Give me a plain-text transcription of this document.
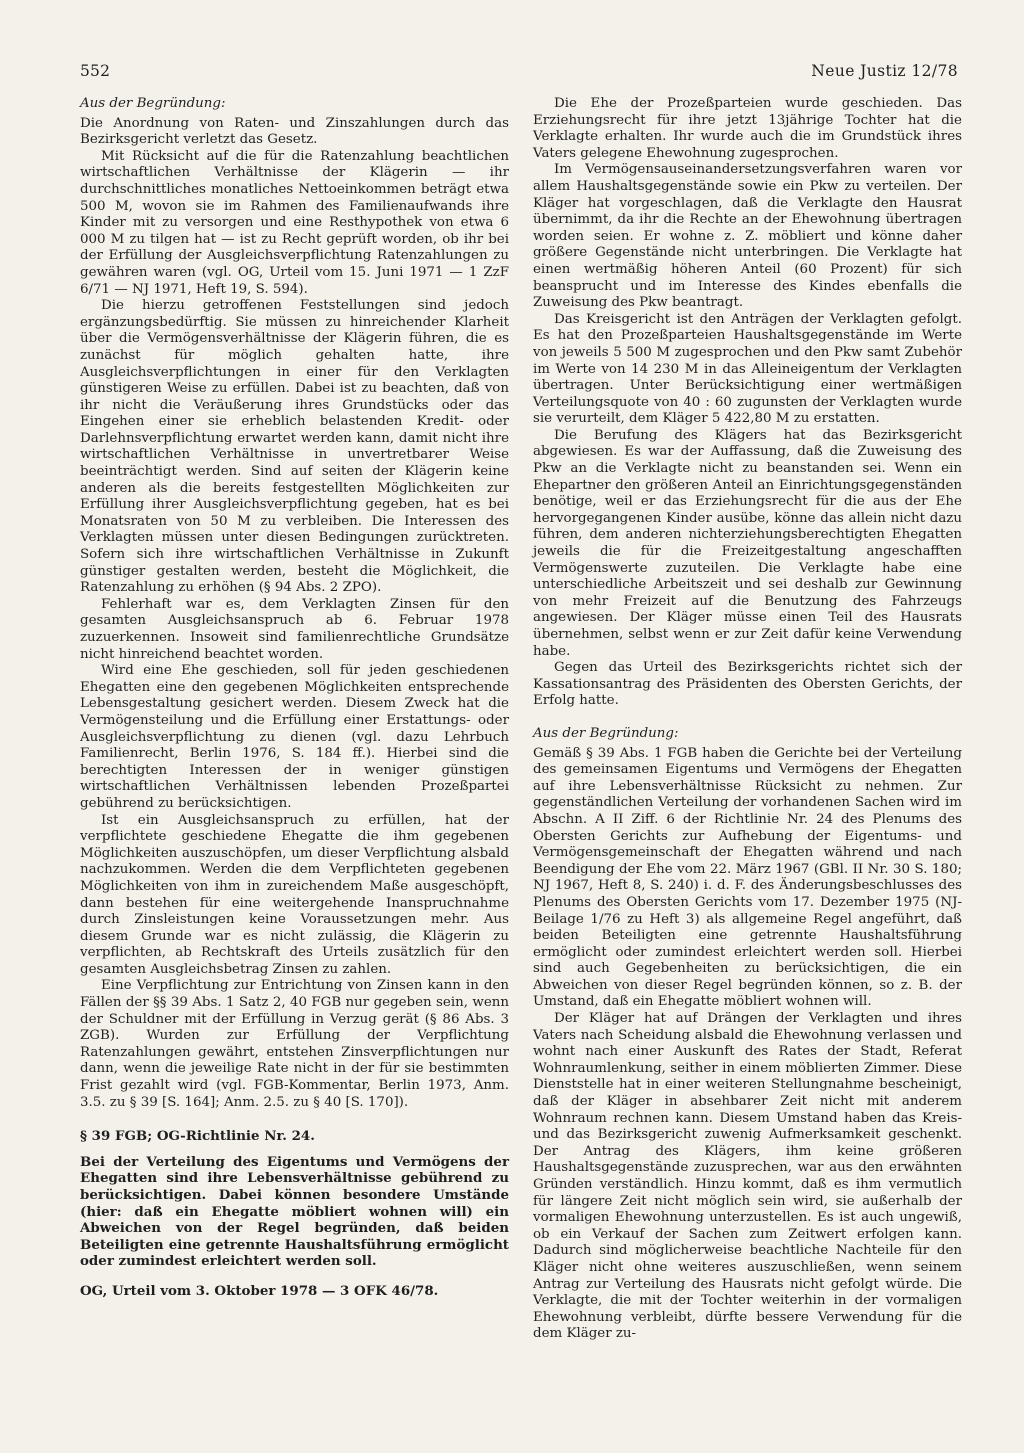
552	Neue Justiz 12/78
Aus der Begründung:

Die Anordnung von Raten- und Zinszahlungen durch das Bezirksgericht verletzt das Gesetz.

Mit Rücksicht auf die für die Ratenzahlung beachtlichen wirtschaftlichen Verhältnisse der Klägerin — ihr durchschnittliches monatliches Nettoeinkommen beträgt etwa 500 M, wovon sie im Rahmen des Familienaufwands ihre Kinder mit zu versorgen und eine Resthypothek von etwa 6 000 M zu tilgen hat — ist zu Recht geprüft worden, ob ihr bei der Erfüllung der Ausgleichsverpflichtung Ratenzahlungen zu gewähren waren (vgl. OG, Urteil vom 15. Juni 1971 — 1 ZzF 6/71 — NJ 1971, Heft 19, S. 594).

Die hierzu getroffenen Feststellungen sind jedoch ergänzungsbedürftig. Sie müssen zu hinreichender Klarheit über die Vermögensverhältnisse der Klägerin führen, die es zunächst für möglich gehalten hatte, ihre Ausgleichsverpflichtungen in einer für den Verklagten günstigeren Weise zu erfüllen. Dabei ist zu beachten, daß von ihr nicht die Veräußerung ihres Grundstücks oder das Eingehen einer sie erheblich belastenden Kredit- oder Darlehnsverpflichtung erwartet werden kann, damit nicht ihre wirtschaftlichen Verhältnisse in unvertretbarer Weise beeinträchtigt werden. Sind auf seiten der Klägerin keine anderen als die bereits festgestellten Möglichkeiten zur Erfüllung ihrer Ausgleichsverpflichtung gegeben, hat es bei Monatsraten von 50 M zu verbleiben. Die Interessen des Verklagten müssen unter diesen Bedingungen zurücktreten. Sofern sich ihre wirtschaftlichen Verhältnisse in Zukunft günstiger gestalten werden, besteht die Möglichkeit, die Ratenzahlung zu erhöhen (§ 94 Abs. 2 ZPO).

Fehlerhaft war es, dem Verklagten Zinsen für den gesamten Ausgleichsanspruch ab 6. Februar 1978 zuzuerkennen. Insoweit sind familienrechtliche Grundsätze nicht hinreichend beachtet worden.

Wird eine Ehe geschieden, soll für jeden geschiedenen Ehegatten eine den gegebenen Möglichkeiten entsprechende Lebensgestaltung gesichert werden. Diesem Zweck hat die Vermögensteilung und die Erfüllung einer Erstattungs- oder Ausgleichsverpflichtung zu dienen (vgl. dazu Lehrbuch Familienrecht, Berlin 1976, S. 184 ff.). Hierbei sind die berechtigten Interessen der in weniger günstigen wirtschaftlichen Verhältnissen lebenden Prozeßpartei gebührend zu berücksichtigen.

Ist ein Ausgleichsanspruch zu erfüllen, hat der verpflichtete geschiedene Ehegatte die ihm gegebenen Möglichkeiten auszuschöpfen, um dieser Verpflichtung alsbald nachzukommen. Werden die dem Verpflichteten gegebenen Möglichkeiten von ihm in zureichendem Maße ausgeschöpft, dann bestehen für eine weitergehende Inanspruchnahme durch Zinsleistungen keine Voraussetzungen mehr. Aus diesem Grunde war es nicht zulässig, die Klägerin zu verpflichten, ab Rechtskraft des Urteils zusätzlich für den gesamten Ausgleichsbetrag Zinsen zu zahlen.

Eine Verpflichtung zur Entrichtung von Zinsen kann in den Fällen der §§ 39 Abs. 1 Satz 2, 40 FGB nur gegeben sein, wenn der Schuldner mit der Erfüllung in Verzug gerät (§ 86 Abs. 3 ZGB). Wurden zur Erfüllung der Verpflichtung Ratenzahlungen gewährt, entstehen Zinsverpflichtungen nur dann, wenn die jeweilige Rate nicht in der für sie bestimmten Frist gezahlt wird (vgl. FGB-Kommentar, Berlin 1973, Anm. 3.5. zu § 39 [S. 164]; Anm. 2.5. zu § 40 [S. 170]).

§ 39 FGB; OG-Richtlinie Nr. 24.
Bei der Verteilung des Eigentums und Vermögens der Ehegatten sind ihre Lebensverhältnisse gebührend zu berücksichtigen. Dabei können besondere Umstände (hier: daß ein Ehegatte möbliert wohnen will) ein Abweichen von der Regel begründen, daß beiden Beteiligten eine getrennte Haushaltsführung ermöglicht oder zumindest erleichtert werden soll.
OG, Urteil vom 3. Oktober 1978 — 3 OFK 46/78.

Die Ehe der Prozeßparteien wurde geschieden. Das Erziehungsrecht für ihre jetzt 13jährige Tochter hat die Verklagte erhalten. Ihr wurde auch die im Grundstück ihres Vaters gelegene Ehewohnung zugesprochen.

Im Vermögensauseinandersetzungsverfahren waren vor allem Haushaltsgegenstände sowie ein Pkw zu verteilen. Der Kläger hat vorgeschlagen, daß die Verklagte den Hausrat übernimmt, da ihr die Rechte an der Ehewohnung übertragen worden seien. Er wohne z. Z. möbliert und könne daher größere Gegenstände nicht unterbringen. Die Verklagte hat einen wertmäßig höheren Anteil (60 Prozent) für sich beansprucht und im Interesse des Kindes ebenfalls die Zuweisung des Pkw beantragt.

Das Kreisgericht ist den Anträgen der Verklagten gefolgt. Es hat den Prozeßparteien Haushaltsgegenstände im Werte von jeweils 5 500 M zugesprochen und den Pkw samt Zubehör im Werte von 14 230 M in das Alleineigentum der Verklagten übertragen. Unter Berücksichtigung einer wertmäßigen Verteilungsquote von 40 : 60 zugunsten der Verklagten wurde sie verurteilt, dem Kläger 5 422,80 M zu erstatten.

Die Berufung des Klägers hat das Bezirksgericht abgewiesen. Es war der Auffassung, daß die Zuweisung des Pkw an die Verklagte nicht zu beanstanden sei. Wenn ein Ehepartner den größeren Anteil an Einrichtungsgegenständen benötige, weil er das Erziehungsrecht für die aus der Ehe hervorgegangenen Kinder ausübe, könne das allein nicht dazu führen, dem anderen nichterziehungsberechtigten Ehegatten jeweils die für die Freizeitgestaltung angeschafften Vermögenswerte zuzuteilen. Die Verklagte habe eine unterschiedliche Arbeitszeit und sei deshalb zur Gewinnung von mehr Freizeit auf die Benutzung des Fahrzeugs angewiesen. Der Kläger müsse einen Teil des Hausrats übernehmen, selbst wenn er zur Zeit dafür keine Verwendung habe.

Gegen das Urteil des Bezirksgerichts richtet sich der Kassationsantrag des Präsidenten des Obersten Gerichts, der Erfolg hatte.

Aus der Begründung:

Gemäß § 39 Abs. 1 FGB haben die Gerichte bei der Verteilung des gemeinsamen Eigentums und Vermögens der Ehegatten auf ihre Lebensverhältnisse Rücksicht zu nehmen. Zur gegenständlichen Verteilung der vorhandenen Sachen wird im Abschn. A II Ziff. 6 der Richtlinie Nr. 24 des Plenums des Obersten Gerichts zur Aufhebung der Eigentums- und Vermögensgemeinschaft der Ehegatten während und nach Beendigung der Ehe vom 22. März 1967 (GBl. II Nr. 30 S. 180; NJ 1967, Heft 8, S. 240) i. d. F. des Änderungsbeschlusses des Plenums des Obersten Gerichts vom 17. Dezember 1975 (NJ-Beilage 1/76 zu Heft 3) als allgemeine Regel angeführt, daß beiden Beteiligten eine getrennte Haushaltsführung ermöglicht oder zumindest erleichtert werden soll. Hierbei sind auch Gegebenheiten zu berücksichtigen, die ein Abweichen von dieser Regel begründen können, so z. B. der Umstand, daß ein Ehegatte möbliert wohnen will.

Der Kläger hat auf Drängen der Verklagten und ihres Vaters nach Scheidung alsbald die Ehewohnung verlassen und wohnt nach einer Auskunft des Rates der Stadt, Referat Wohnraumlenkung, seither in einem möblierten Zimmer. Diese Dienststelle hat in einer weiteren Stellungnahme bescheinigt, daß der Kläger in absehbarer Zeit nicht mit anderem Wohnraum rechnen kann. Diesem Umstand haben das Kreis- und das Bezirksgericht zuwenig Aufmerksamkeit geschenkt. Der Antrag des Klägers, ihm keine größeren Haushaltsgegenstände zuzusprechen, war aus den erwähnten Gründen verständlich. Hinzu kommt, daß es ihm vermutlich für längere Zeit nicht möglich sein wird, sie außerhalb der vormaligen Ehewohnung unterzustellen. Es ist auch ungewiß, ob ein Verkauf der Sachen zum Zeitwert erfolgen kann. Dadurch sind möglicherweise beachtliche Nachteile für den Kläger nicht ohne weiteres auszuschließen, wenn seinem Antrag zur Verteilung des Hausrats nicht gefolgt würde. Die Verklagte, die mit der Tochter weiterhin in der vormaligen Ehewohnung verbleibt, dürfte bessere Verwendung für die dem Kläger zu-
